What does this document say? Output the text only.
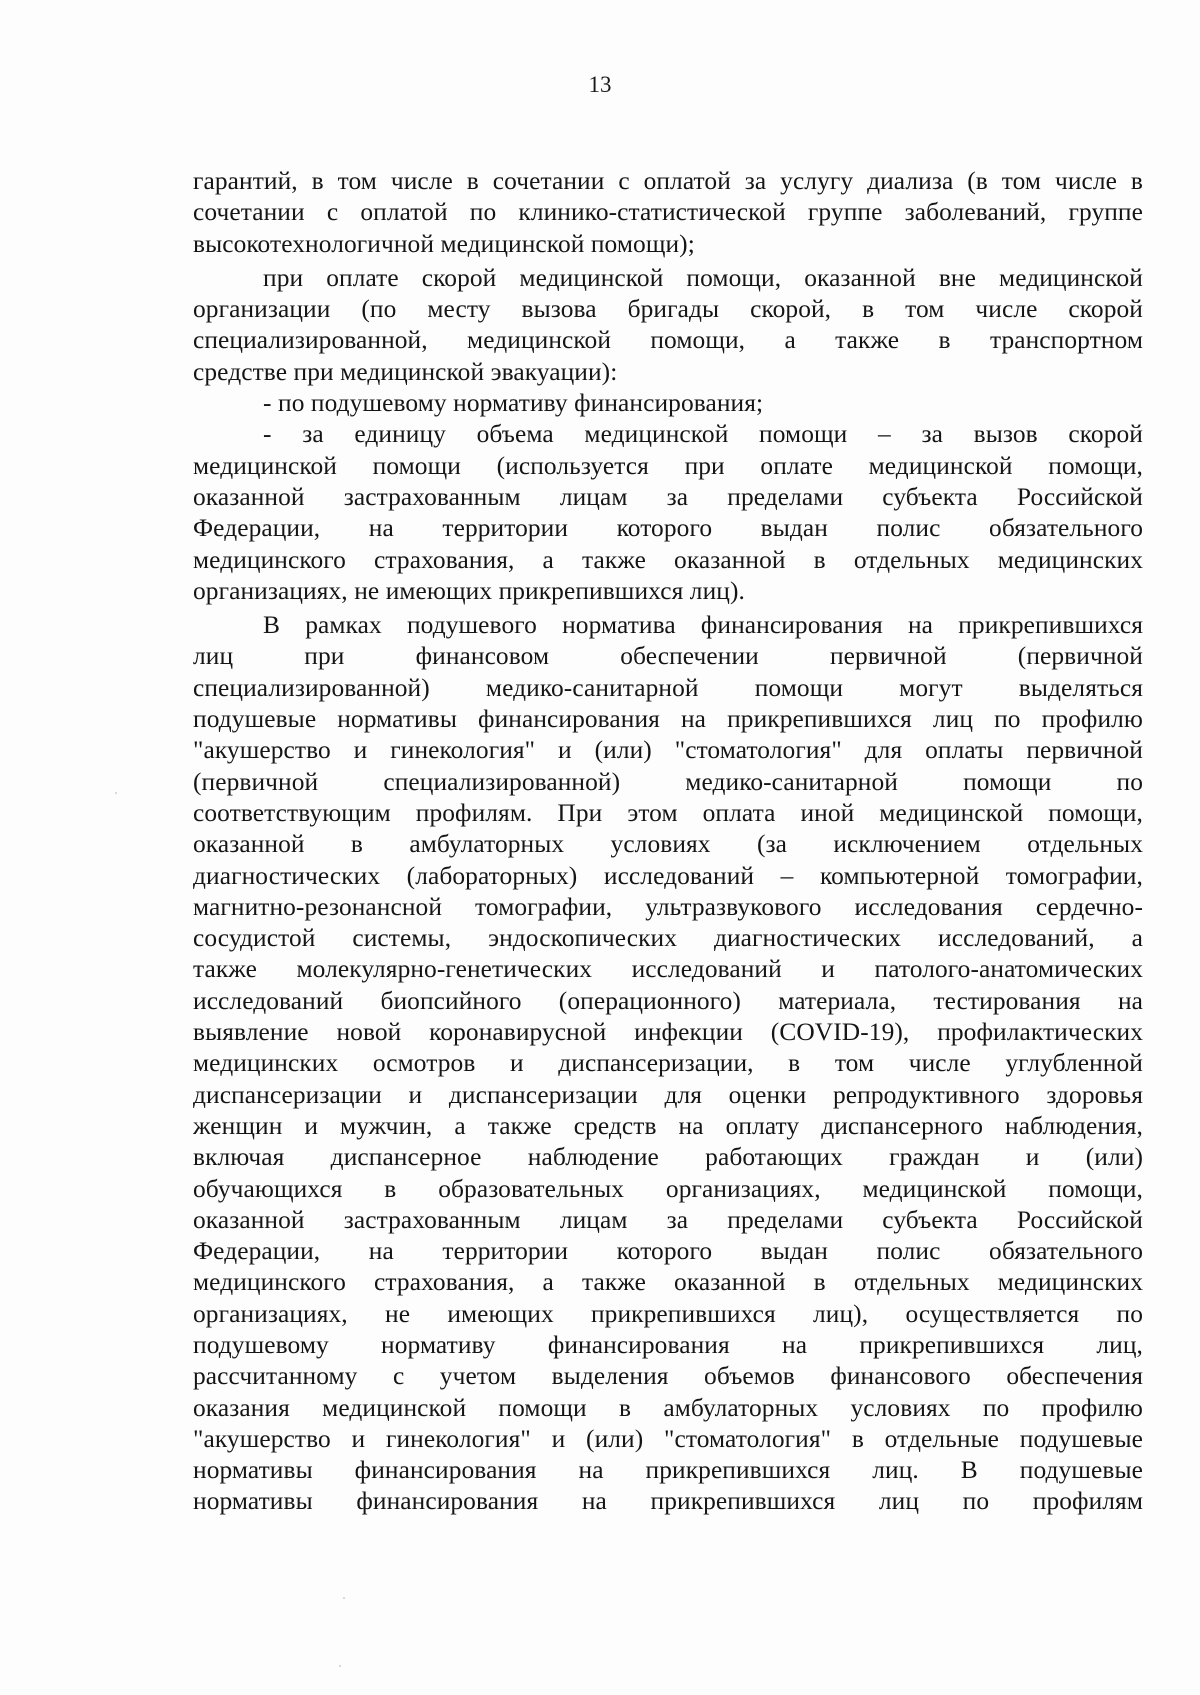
13
гарантий, в том числе в сочетании с оплатой за услугу диализа (в том числе в
сочетании с оплатой по клинико-статистической группе заболеваний, группе
высокотехнологичной медицинской помощи);
при оплате скорой медицинской помощи, оказанной вне медицинской
организации (по месту вызова бригады скорой, в том числе скорой
специализированной, медицинской помощи, а также в транспортном
средстве при медицинской эвакуации):
- по подушевому нормативу финансирования;
- за единицу объема медицинской помощи – за вызов скорой
медицинской помощи (используется при оплате медицинской помощи,
оказанной застрахованным лицам за пределами субъекта Российской
Федерации, на территории которого выдан полис обязательного
медицинского страхования, а также оказанной в отдельных медицинских
организациях, не имеющих прикрепившихся лиц).
В рамках подушевого норматива финансирования на прикрепившихся
лиц при финансовом обеспечении первичной (первичной
специализированной) медико-санитарной помощи могут выделяться
подушевые нормативы финансирования на прикрепившихся лиц по профилю
"акушерство и гинекология" и (или) "стоматология" для оплаты первичной
(первичной специализированной) медико-санитарной помощи по
соответствующим профилям. При этом оплата иной медицинской помощи,
оказанной в амбулаторных условиях (за исключением отдельных
диагностических (лабораторных) исследований – компьютерной томографии,
магнитно-резонансной томографии, ультразвукового исследования сердечно-
сосудистой системы, эндоскопических диагностических исследований, а
также молекулярно-генетических исследований и патолого-анатомических
исследований биопсийного (операционного) материала, тестирования на
выявление новой коронавирусной инфекции (COVID-19), профилактических
медицинских осмотров и диспансеризации, в том числе углубленной
диспансеризации и диспансеризации для оценки репродуктивного здоровья
женщин и мужчин, а также средств на оплату диспансерного наблюдения,
включая диспансерное наблюдение работающих граждан и (или)
обучающихся в образовательных организациях, медицинской помощи,
оказанной застрахованным лицам за пределами субъекта Российской
Федерации, на территории которого выдан полис обязательного
медицинского страхования, а также оказанной в отдельных медицинских
организациях, не имеющих прикрепившихся лиц), осуществляется по
подушевому нормативу финансирования на прикрепившихся лиц,
рассчитанному с учетом выделения объемов финансового обеспечения
оказания медицинской помощи в амбулаторных условиях по профилю
"акушерство и гинекология" и (или) "стоматология" в отдельные подушевые
нормативы финансирования на прикрепившихся лиц. В подушевые
нормативы финансирования на прикрепившихся лиц по профилям
